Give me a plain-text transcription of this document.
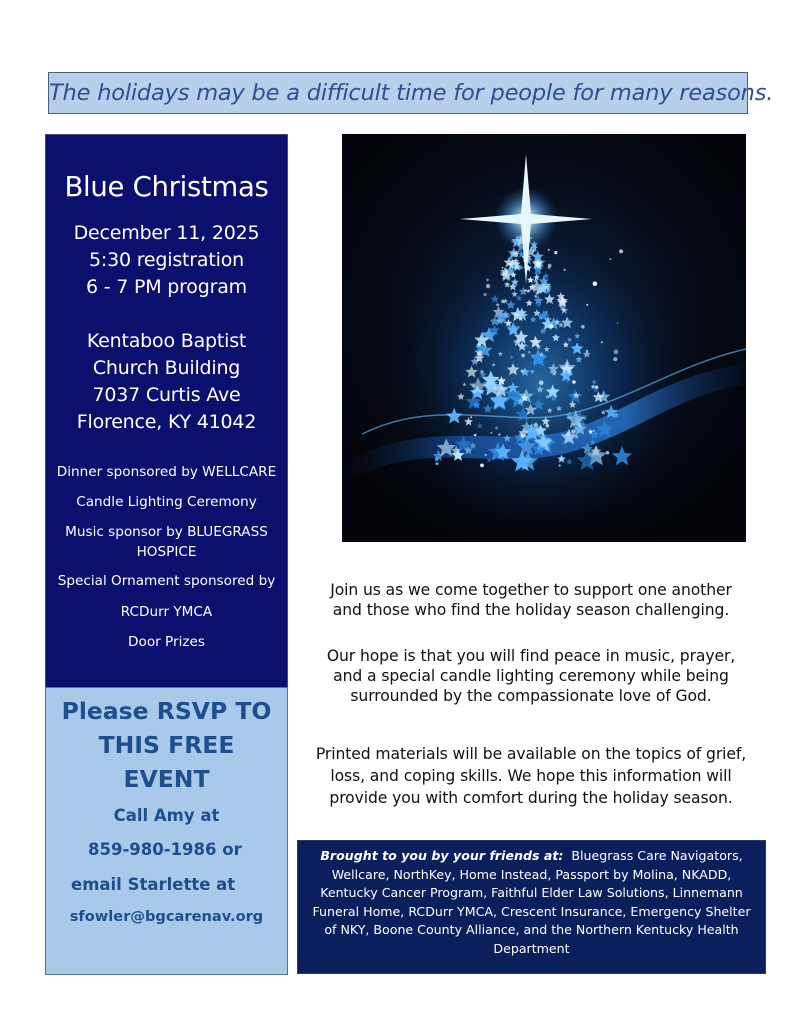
The holidays may be a difficult time for people for many reasons.
Blue Christmas
December 11, 2025
5:30 registration
6 - 7 PM program
Kentaboo Baptist
Church Building
7037 Curtis Ave
Florence, KY 41042
Dinner sponsored by WELLCARE
Candle Lighting Ceremony
Music sponsor by BLUEGRASS
HOSPICE
Special Ornament sponsored by
RCDurr YMCA
Door Prizes
Please RSVP TO
THIS FREE
EVENT
Call Amy at
859-980-1986 or
email Starlette at
sfowler@bgcarenav.org
Join us as we come together to support one another
and those who find the holiday season challenging.
Our hope is that you will find peace in music, prayer,
and a special candle lighting ceremony while being
surrounded by the compassionate love of God.
Printed materials will be available on the topics of grief,
loss, and coping skills. We hope this information will
provide you with comfort during the holiday season.
Brought to you by your friends at: Bluegrass Care Navigators, Wellcare, NorthKey, Home Instead, Passport by Molina, NKADD, Kentucky Cancer Program, Faithful Elder Law Solutions, Linnemann Funeral Home, RCDurr YMCA, Crescent Insurance, Emergency Shelter of NKY, Boone County Alliance, and the Northern Kentucky Health Department
